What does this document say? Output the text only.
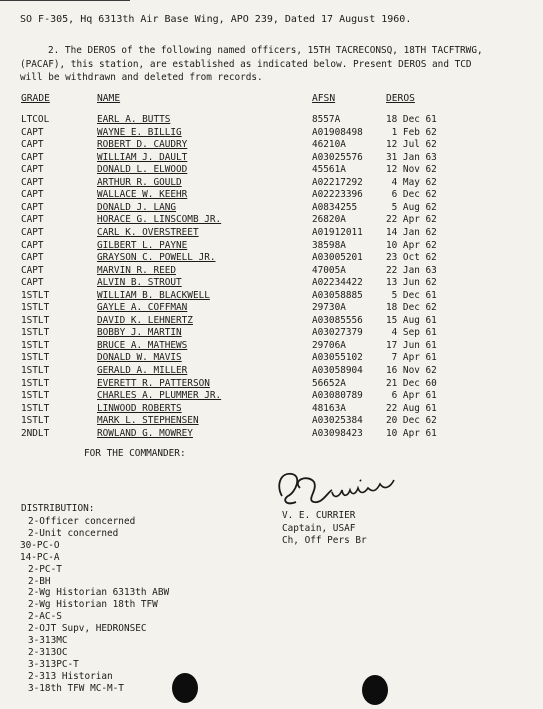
SO F-305, Hq 6313th Air Base Wing, APO 239, Dated 17 August 1960.
2. The DEROS of the following named officers, 15TH TACRECONSQ, 18TH TACFTRWG,
(PACAF), this station, are established as indicated below. Present DEROS and TCD
will be withdrawn and deleted from records.
GRADE	NAME	AFSN	DEROS
LTCOL	EARL A. BUTTS	8557A	18 Dec 61
CAPT	WAYNE E. BILLIG	A01908498 1 Feb 62
CAPT	ROBERT D. CAUDRY	46210A	12 Jul 62
CAPT	WILLIAM J. DAULT	A03025576 31 Jan 63
CAPT	DONALD L. ELWOOD	45561A	12 Nov 62
CAPT	ARTHUR R. GOULD	A02217292 4 May 62
CAPT	WALLACE W. KEEHR	A02223396 6 Dec 62
CAPT	DONALD J. LANG	A0834255	5 Aug 62
CAPT	HORACE G. LINSCOMB JR.	26820A	22 Apr 62
CAPT	CARL K. OVERSTREET	A01912011 14 Jan 62
CAPT	GILBERT L. PAYNE	38598A	10 Apr 62
CAPT	GRAYSON C. POWELL JR.	A03005201 23 Oct 62
CAPT	MARVIN R. REED	47005A	22 Jan 63
CAPT	ALVIN B. STROUT	A02234422 13 Jun 62
1STLT	WILLIAM B. BLACKWELL	A03058885 5 Dec 61
1STLT	GAYLE A. COFFMAN	29730A	18 Dec 62
1STLT	DAVID K. LEHNERTZ	A03085556 15 Aug 61
1STLT	BOBBY J. MARTIN	A03027379 4 Sep 61
1STLT	BRUCE A. MATHEWS	29706A	17 Jun 61
1STLT	DONALD W. MAVIS	A03055102 7 Apr 61
1STLT	GERALD A. MILLER	A03058904 16 Nov 62
1STLT	EVERETT R. PATTERSON	56652A	21 Dec 60
1STLT	CHARLES A. PLUMMER JR.	A03080789 6 Apr 61
1STLT	LINWOOD ROBERTS	48163A	22 Aug 61
1STLT	MARK L. STEPHENSEN	A03025384 20 Dec 62
2NDLT	ROWLAND G. MOWREY	A03098423 10 Apr 61
FOR THE COMMANDER:
V. E. CURRIER
Captain, USAF
Ch, Off Pers Br
DISTRIBUTION:
2-Officer concerned
2-Unit concerned
30-PC-O
14-PC-A
2-PC-T
2-BH
2-Wg Historian 6313th ABW
2-Wg Historian 18th TFW
2-AC-S
2-OJT Supv, HEDRONSEC
3-313MC
2-313OC
3-313PC-T
2-313 Historian
3-18th TFW MC-M-T
